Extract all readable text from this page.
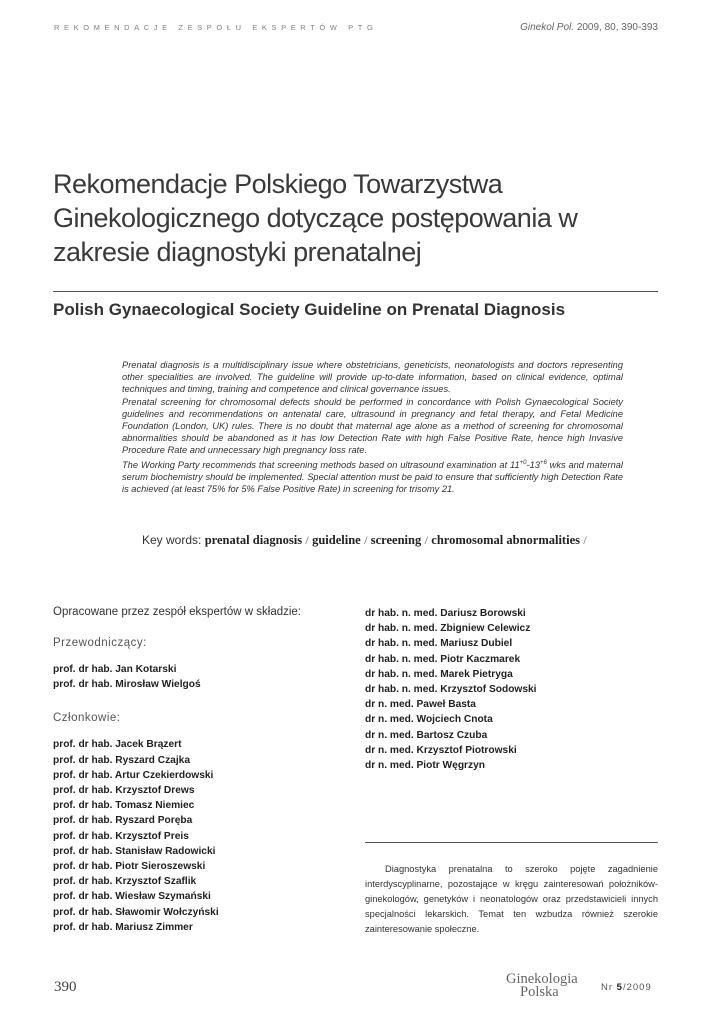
REKOMENDACJE ZESPOŁU EKSPERTÓW PTG	Ginekol Pol. 2009, 80, 390-393
Rekomendacje Polskiego Towarzystwa Ginekologicznego dotyczące postępowania w zakresie diagnostyki prenatalnej
Polish Gynaecological Society Guideline on Prenatal Diagnosis

Prenatal diagnosis is a multidisciplinary issue where obstetricians, geneticists, neonatologists and doctors representing other specialities are involved. The guideline will provide up-to-date information, based on clinical evidence, optimal techniques and timing, training and competence and clinical governance issues.

Prenatal screening for chromosomal defects should be performed in concordance with Polish Gynaecological Society guidelines and recommendations on antenatal care, ultrasound in pregnancy and fetal therapy, and Fetal Medicine Foundation (London, UK) rules. There is no doubt that maternal age alone as a method of screening for chromosomal abnormalities should be abandoned as it has low Detection Rate with high False Positive Rate, hence high Invasive Procedure Rate and unnecessary high pregnancy loss rate.

The Working Party recommends that screening methods based on ultrasound examination at $11^{+0}-13^{+6}$ wks and maternal serum biochemistry should be implemented. Special attention must be paid to ensure that sufficiently high Detection Rate is achieved (at least 75% for 5% False Positive Rate) in screening for trisomy 21.

Key words: prenatal diagnosis / guideline / screening / chromosomal abnormalities /
Opracowane przez zespół ekspertów w składzie:
Przewodniczący:
prof. dr hab. Jan Kotarski
prof. dr hab. Mirosław Wielgoś
Członkowie:
prof. dr hab. Jacek Brązert
prof. dr hab. Ryszard Czajka
prof. dr hab. Artur Czekierdowski
prof. dr hab. Krzysztof Drews
prof. dr hab. Tomasz Niemiec
prof. dr hab. Ryszard Poręba
prof. dr hab. Krzysztof Preis
prof. dr hab. Stanisław Radowicki
prof. dr hab. Piotr Sieroszewski
prof. dr hab. Krzysztof Szaflik
prof. dr hab. Wiesław Szymański
prof. dr hab. Sławomir Wołczyński
prof. dr hab. Mariusz Zimmer
dr hab. n. med. Dariusz Borowski
dr hab. n. med. Zbigniew Celewicz
dr hab. n. med. Mariusz Dubiel
dr hab. n. med. Piotr Kaczmarek
dr hab. n. med. Marek Pietryga
dr hab. n. med. Krzysztof Sodowski
dr n. med. Paweł Basta
dr n. med. Wojciech Cnota
dr n. med. Bartosz Czuba
dr n. med. Krzysztof Piotrowski
dr n. med. Piotr Węgrzyn

Diagnostyka prenatalna to szeroko pojęte zagadnienie interdyscyplinarne, pozostające w kręgu zainteresowań położników-ginekologów, genetyków i neonatologów oraz przedstawicieli innych specjalności lekarskich. Temat ten wzbudza również szerokie zainteresowanie społeczne.

390	Ginekologia
Polska	Nr 5/2009
